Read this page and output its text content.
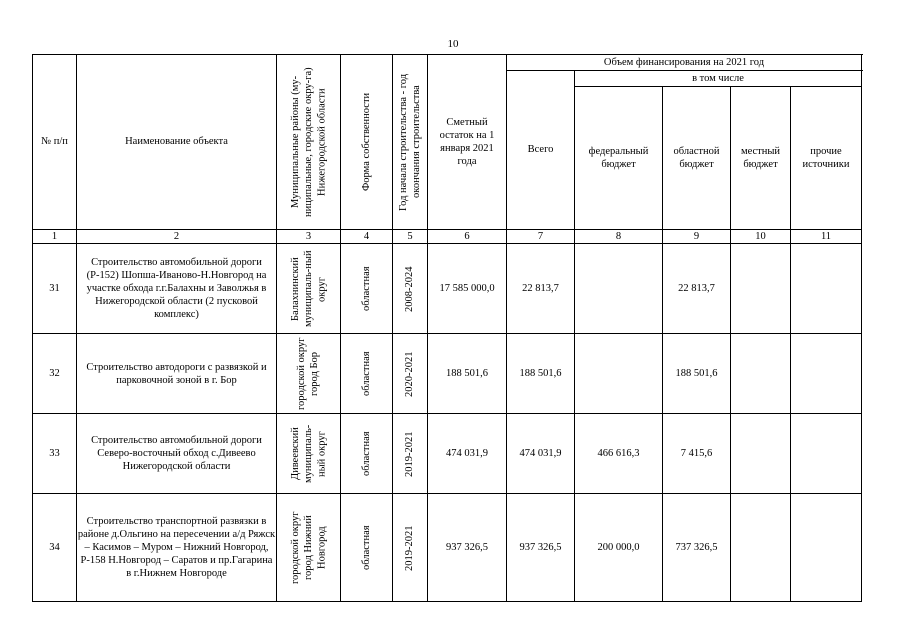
10
№ п/п	Наименование объекта	Муниципальные районы (му-ниципальные, городские окру-га) Нижегородской области	Форма собственности	Год начала строительства - год окончания строительства	Сметный остаток на 1 января 2021 года	Объем финансирования на 2021 год				
						Всего	в том числе			
							федеральный бюджет	областной бюджет	местный бюджет	прочие источники
1	2	3	4	5	6	7	8	9	10	11
31	Строительство автомобильной дороги (Р-152) Шопша-Иваново-Н.Новгород на участке обхода г.г.Балахны и Заволжья в Нижегородской области (2 пусковой комплекс)	Балахнинский муниципаль-ный округ	областная	2008-2024	17 585 000,0	22 813,7		22 813,7		
32	Строительство автодороги с развязкой и парковочной зоной в г. Бор	городской округ город Бор	областная	2020-2021	188 501,6	188 501,6		188 501,6		
33	Строительство автомобильной дороги Северо-восточный обход с.Дивеево Нижегородской области	Дивеевский муниципаль-ный округ	областная	2019-2021	474 031,9	474 031,9	466 616,3	7 415,6		
34	Строительство транспортной развязки в районе д.Ольгино на пересечении а/д Ряжск – Касимов – Муром – Нижний Новгород, Р-158 Н.Новгород – Саратов и пр.Гагарина в г.Нижнем Новгороде	городской округ город Нижний Новгород	областная	2019-2021	937 326,5	937 326,5	200 000,0	737 326,5		
